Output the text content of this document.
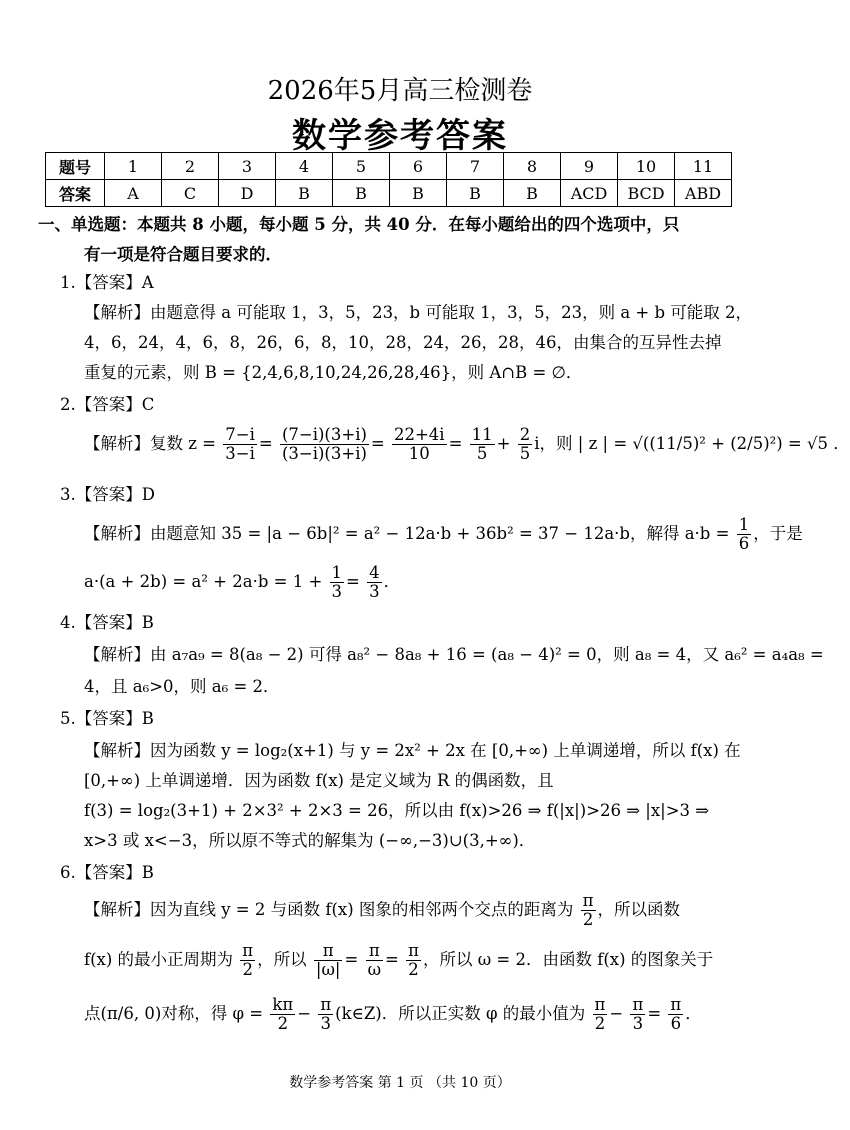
2026年5月高三检测卷
数学参考答案
题号	1	2	3	4	5	6	7	8	9	10	11
答案	A	C	D	B	B	B	B	B	ACD	BCD	ABD
一、单选题：本题共 8 小题，每小题 5 分，共 40 分．在每小题给出的四个选项中，只
有一项是符合题目要求的．
1.【答案】A
【解析】由题意得 a 可能取 1，3，5，23，b 可能取 1，3，5，23，则 a + b 可能取 2，
4，6，24，4，6，8，26，6，8，10，28，24，26，28，46，由集合的互异性去掉
重复的元素，则 B = {2,4,6,8,10,24,26,28,46}，则 A∩B = ∅．
2.【答案】C
【解析】复数 $z = \frac{7-i}{3-i} = \frac{(7-i)(3+i)}{(3-i)(3+i)} = \frac{22+4i}{10} = \frac{11}{5} + \frac{2}{5}$ i，则 | z | = √((11/5)² + (2/5)²) = √5 ．
3.【答案】D
【解析】由题意知 35 = |a − 6b|² = a² − 12a·b + 36b² = 37 − 12a·b，解得 $a\cdot b = \frac{1}{6}$ ，于是
$a\cdot(a + 2b) = a^2 + 2a\cdot b = 1 + \frac{1}{3} = \frac{4}{3}$ ．
4.【答案】B
【解析】由 a₇a₉ = 8(a₈ − 2) 可得 a₈² − 8a₈ + 16 = (a₈ − 4)² = 0，则 a₈ = 4，又 a₆² = a₄a₈ =
4，且 a₆>0，则 a₆ = 2．
5.【答案】B
【解析】因为函数 y = log₂(x+1) 与 y = 2x² + 2x 在 [0,+∞) 上单调递增，所以 f(x) 在
[0,+∞) 上单调递增．因为函数 f(x) 是定义域为 R 的偶函数，且
f(3) = log₂(3+1) + 2×3² + 2×3 = 26，所以由 f(x)>26 ⇒ f(|x|)>26 ⇒ |x|>3 ⇒
x>3 或 x<−3，所以原不等式的解集为 (−∞,−3)∪(3,+∞)．
6.【答案】B
【解析】因为直线 y = 2 与函数 f(x) 图象的相邻两个交点的距离为 $\frac{\pi}{2}$ ，所以函数
f(x) 的最小正周期为 $\frac{\pi}{2}$ ，所以 $\frac{\pi}{|\omega|} = \frac{\pi}{\omega} = \frac{\pi}{2}$ ，所以 ω = 2．由函数 f(x) 的图象关于
点(π/6, 0)对称，得 $\varphi = \frac{k\pi}{2} - \frac{\pi}{3}$ (k∈Z)．所以正实数 φ 的最小值为 $\frac{\pi}{2} - \frac{\pi}{3} = \frac{\pi}{6}$ ．
数学参考答案 第 1 页 （共 10 页）
